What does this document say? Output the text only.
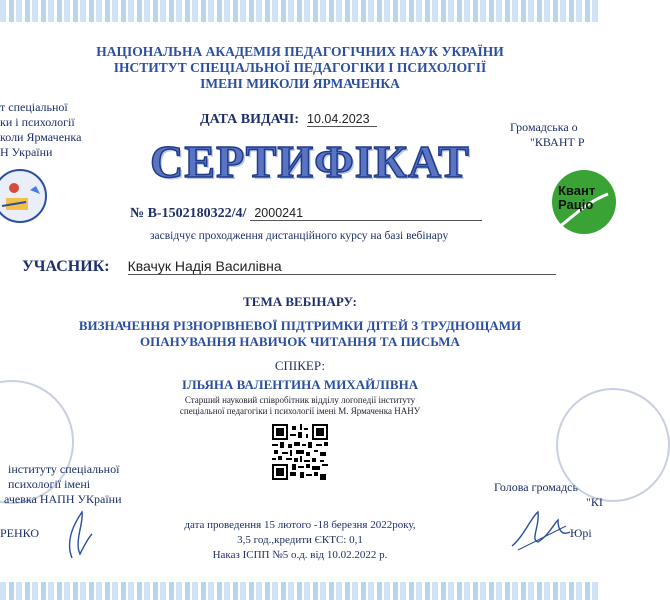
НАЦІОНАЛЬНА АКАДЕМІЯ ПЕДАГОГІЧНИХ НАУК УКРАЇНИ
ІНСТИТУТ СПЕЦІАЛЬНОЇ ПЕДАГОГІКИ І ПСИХОЛОГІЇ
ІМЕНІ МИКОЛИ ЯРМАЧЕНКА
т спеціальної
ки і психології
коли Ярмаченка
Н України
Громадська о
"КВАНТ Р
Квант
Раціо
ДАТА ВИДАЧІ: 10.04.2023
СЕРТИФІКАТ
№ В-1502180322/4/ 2000241
засвідчує проходження дистанційного курсу на базі вебінару
УЧАСНИК: Квачук Надія Василівна
ТЕМА ВЕБІНАРУ:
ВИЗНАЧЕННЯ РІЗНОРІВНЕВОЇ ПІДТРИМКИ ДІТЕЙ З ТРУДНОЩАМИ
ОПАНУВАННЯ НАВИЧОК ЧИТАННЯ ТА ПИСЬМА
СПІКЕР:
ІЛЬЯНА ВАЛЕНТИНА МИХАЙЛІВНА
Старший науковий співробітник відділу логопедії інституту
спеціальної педагогіки і психології імені М. Ярмаченка НАНУ
інституту спеціальної
психології імені
ачевка НАПН УКраїни
РЕНКО
Голова громадсь
"КІ
Юрі
дата проведення 15 лютого -18 березня 2022року,
3,5 год.,кредити ЄКТС: 0,1
Наказ ІСПП №5 о.д. від 10.02.2022 р.
